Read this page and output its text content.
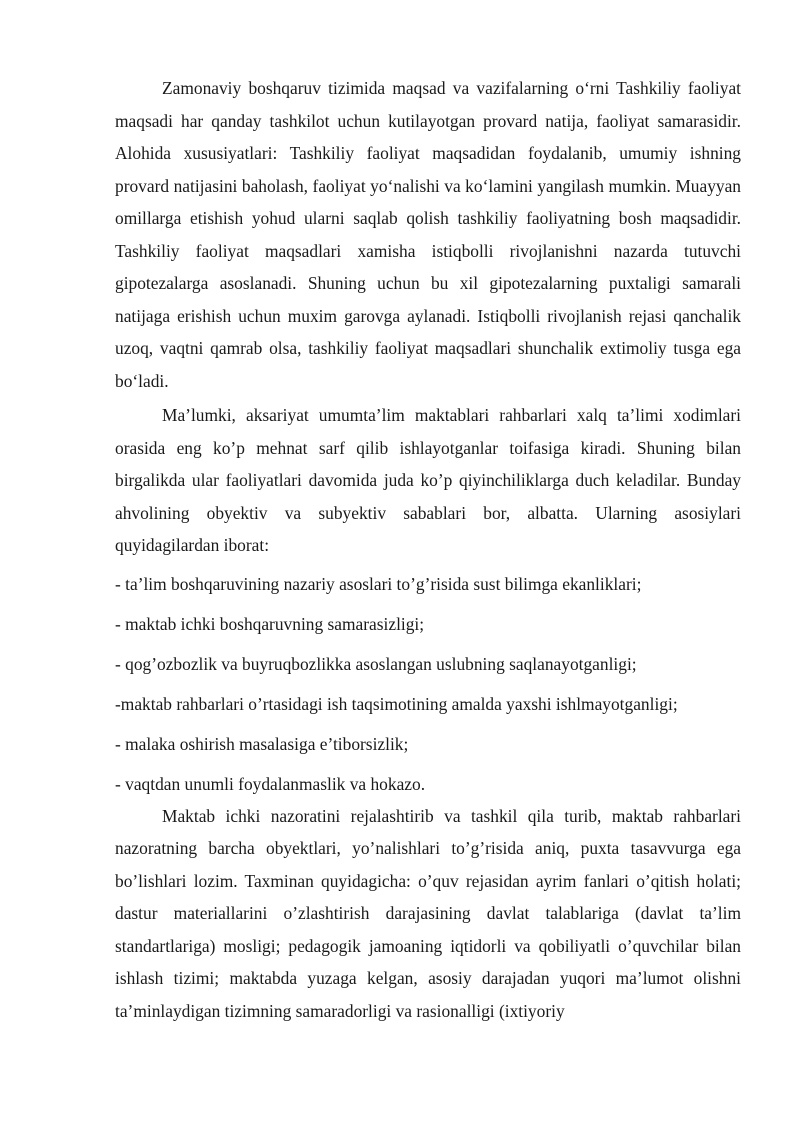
Zamonaviy boshqaruv tizimida maqsad va vazifalarning o‘rni Tashkiliy faoliyat maqsadi har qanday tashkilot uchun kutilayotgan provard natija, faoliyat samarasidir. Alohida xususiyatlari: Tashkiliy faoliyat maqsadidan foydalanib, umumiy ishning provard natijasini baholash, faoliyat yo‘nalishi va ko‘lamini yangilash mumkin. Muayyan omillarga etishish yohud ularni saqlab qolish tashkiliy faoliyatning bosh maqsadidir. Tashkiliy faoliyat maqsadlari xamisha istiqbolli rivojlanishni nazarda tutuvchi gipotezalarga asoslanadi. Shuning uchun bu xil gipotezalarning puxtaligi samarali natijaga erishish uchun muxim garovga aylanadi. Istiqbolli rivojlanish rejasi qanchalik uzoq, vaqtni qamrab olsa, tashkiliy faoliyat maqsadlari shunchalik extimoliy tusga ega bo‘ladi.

Ma’lumki, aksariyat umumta’lim maktablari rahbarlari xalq ta’limi xodimlari orasida eng ko’p mehnat sarf qilib ishlayotganlar toifasiga kiradi. Shuning bilan birgalikda ular faoliyatlari davomida juda ko’p qiyinchiliklarga duch keladilar. Bunday ahvolining obyektiv va subyektiv sabablari bor, albatta. Ularning asosiylari quyidagilardan iborat:

- ta’lim boshqaruvining nazariy asoslari to’g’risida sust bilimga ekanliklari;
- maktab ichki boshqaruvning samarasizligi;
- qog’ozbozlik va buyruqbozlikka asoslangan uslubning saqlanayotganligi;
-maktab rahbarlari o’rtasidagi ish taqsimotining amalda yaxshi ishlmayotganligi;
- malaka oshirish masalasiga e’tiborsizlik;
- vaqtdan unumli foydalanmaslik va hokazo.

Maktab ichki nazoratini rejalashtirib va tashkil qila turib, maktab rahbarlari nazoratning barcha obyektlari, yo’nalishlari to’g’risida aniq, puxta tasavvurga ega bo’lishlari lozim. Taxminan quyidagicha: o’quv rejasidan ayrim fanlari o’qitish holati; dastur materiallarini o’zlashtirish darajasining davlat talablariga (davlat ta’lim standartlariga) mosligi; pedagogik jamoaning iqtidorli va qobiliyatli o’quvchilar bilan ishlash tizimi; maktabda yuzaga kelgan, asosiy darajadan yuqori ma’lumot olishni ta’minlaydigan tizimning samaradorligi va rasionalligi (ixtiyoriy
